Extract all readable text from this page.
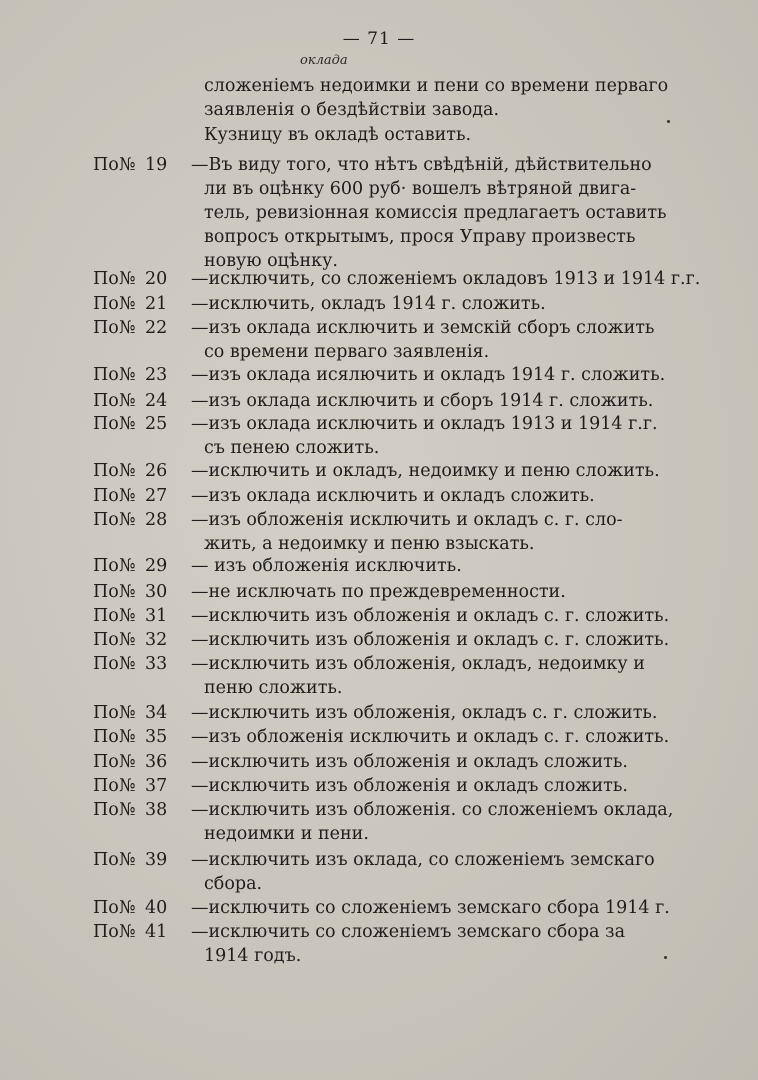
— 71 —
оклада
сложеніемъ недоимки и пени со времени перваго
заявленія о бездѣйствіи завода.
Кузницу въ окладѣ оставить.
По№ 19 —Въ виду того, что нѣтъ свѣдѣній, дѣйствительно
ли въ оцѣнку 600 руб· вошелъ вѣтряной двига-
тель, ревизіонная комиссія предлагаетъ оставить
вопросъ открытымъ, прося Управу произвесть
новую оцѣнку.
По№ 20 —исключить, со сложеніемъ окладовъ 1913 и 1914 г.г.
По№ 21 —исключить, окладъ 1914 г. сложить.
По№ 22 —изъ оклада исключить и земскій сборъ сложить
со времени перваго заявленія.
По№ 23 —изъ оклада исялючить и окладъ 1914 г. сложить.
По№ 24 —изъ оклада исключить и сборъ 1914 г. сложить.
По№ 25 —изъ оклада исключить и окладъ 1913 и 1914 г.г.
съ пенею сложить.
По№ 26 —исключить и окладъ, недоимку и пеню сложить.
По№ 27 —изъ оклада исключить и окладъ сложить.
По№ 28 —изъ обложенія исключить и окладъ с. г. сло-
жить, а недоимку и пеню взыскать.
По№ 29 — изъ обложенія исключить.
По№ 30 —не исключать по преждевременности.
По№ 31 —исключить изъ обложенія и окладъ с. г. сложить.
По№ 32 —исключить изъ обложенія и окладъ с. г. сложить.
По№ 33 —исключить изъ обложенія, окладъ, недоимку и
пеню сложить.
По№ 34 —исключить изъ обложенія, окладъ с. г. сложить.
По№ 35 —изъ обложенія исключить и окладъ с. г. сложить.
По№ 36 —исключить изъ обложенія и окладъ сложить.
По№ 37 —исключить изъ обложенія и окладъ сложить.
По№ 38 —исключить изъ обложенія. со сложеніемъ оклада,
недоимки и пени.
По№ 39 —исключить изъ оклада, со сложеніемъ земскаго
сбора.
По№ 40 —исключить со сложеніемъ земскаго сбора 1914 г.
По№ 41 —исключить со сложеніемъ земскаго сбора за
1914 годъ.
